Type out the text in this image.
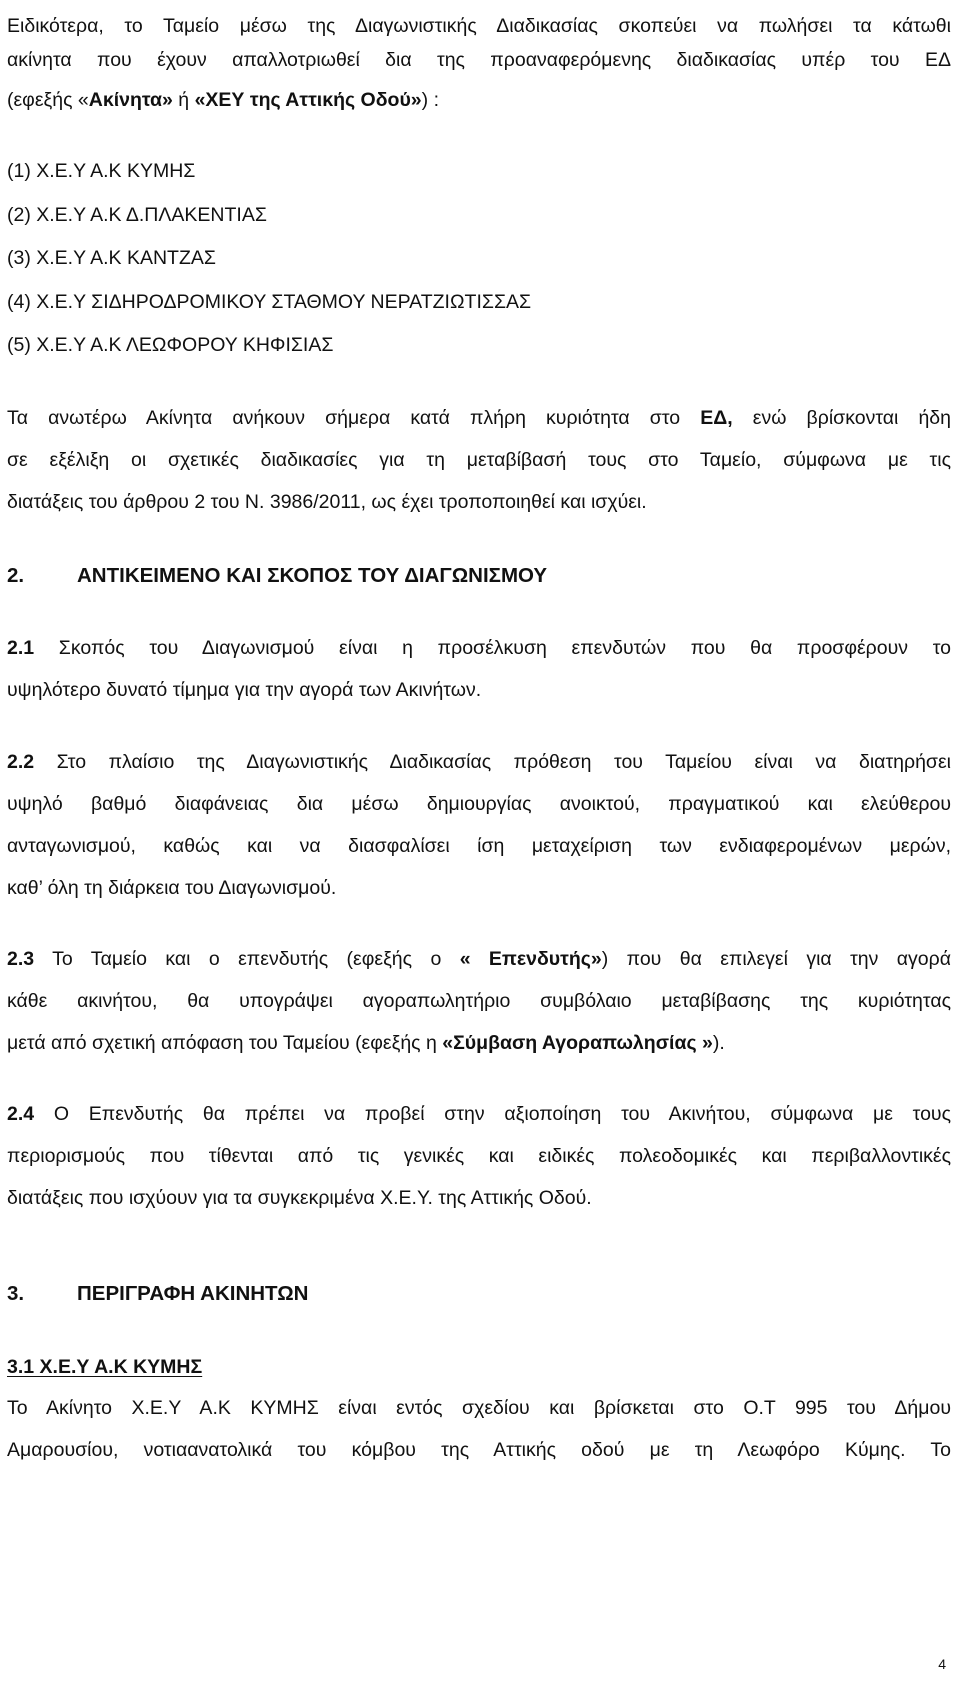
Ειδικότερα, το Ταμείο μέσω της Διαγωνιστικής Διαδικασίας σκοπεύει να πωλήσει τα κάτωθι
ακίνητα που έχουν απαλλοτριωθεί δια της προαναφερόμενης διαδικασίας υπέρ του ΕΔ
(εφεξής «Ακίνητα» ή «ΧΕΥ της Αττικής Οδού») :
(1) Χ.Ε.Υ Α.Κ ΚΥΜΗΣ
(2) Χ.Ε.Υ Α.Κ Δ.ΠΛΑΚΕΝΤΙΑΣ
(3) Χ.Ε.Υ Α.Κ ΚΑΝΤΖΑΣ
(4) Χ.Ε.Υ ΣΙΔΗΡΟΔΡΟΜΙΚΟΥ ΣΤΑΘΜΟΥ ΝΕΡΑΤΖΙΩΤΙΣΣΑΣ
(5) Χ.Ε.Υ Α.Κ ΛΕΩΦΟΡΟΥ ΚΗΦΙΣΙΑΣ
Τα ανωτέρω Ακίνητα ανήκουν σήμερα κατά πλήρη κυριότητα στο ΕΔ, ενώ βρίσκονται ήδη
σε εξέλιξη οι σχετικές διαδικασίες για τη μεταβίβασή τους στο Ταμείο, σύμφωνα με τις
διατάξεις του άρθρου 2 του Ν. 3986/2011, ως έχει τροποποιηθεί και ισχύει.
2.	ΑΝΤΙΚΕΙΜΕΝΟ ΚΑΙ ΣΚΟΠΟΣ ΤΟΥ ΔΙΑΓΩΝΙΣΜΟΥ
2.1 Σκοπός του Διαγωνισμού είναι η προσέλκυση επενδυτών που θα προσφέρουν το
υψηλότερο δυνατό τίμημα για την αγορά των Ακινήτων.
2.2 Στο πλαίσιο της Διαγωνιστικής Διαδικασίας πρόθεση του Ταμείου είναι να διατηρήσει
υψηλό βαθμό διαφάνειας δια μέσω δημιουργίας ανοικτού, πραγματικού και ελεύθερου
ανταγωνισμού, καθώς και να διασφαλίσει ίση μεταχείριση των ενδιαφερομένων μερών,
καθ’ όλη τη διάρκεια του Διαγωνισμού.
2.3 Το Ταμείο και ο επενδυτής (εφεξής ο « Επενδυτής») που θα επιλεγεί για την αγορά
κάθε ακινήτου, θα υπογράψει αγοραπωλητήριο συμβόλαιο μεταβίβασης της κυριότητας
μετά από σχετική απόφαση του Ταμείου (εφεξής η «Σύμβαση Αγοραπωλησίας »).
2.4 Ο Επενδυτής θα πρέπει να προβεί στην αξιοποίηση του Ακινήτου, σύμφωνα με τους
περιορισμούς που τίθενται από τις γενικές και ειδικές πολεοδομικές και περιβαλλοντικές
διατάξεις που ισχύουν για τα συγκεκριμένα Χ.Ε.Υ. της Αττικής Οδού.
3.	ΠΕΡΙΓΡΑΦΗ ΑΚΙΝΗΤΩΝ
3.1 Χ.Ε.Υ Α.Κ ΚΥΜΗΣ
Το Ακίνητο Χ.Ε.Υ Α.Κ ΚΥΜΗΣ είναι εντός σχεδίου και βρίσκεται στο Ο.Τ 995 του Δήμου
Αμαρουσίου, νοτιαανατολικά του κόμβου της Αττικής οδού με τη Λεωφόρο Κύμης. Το
4
